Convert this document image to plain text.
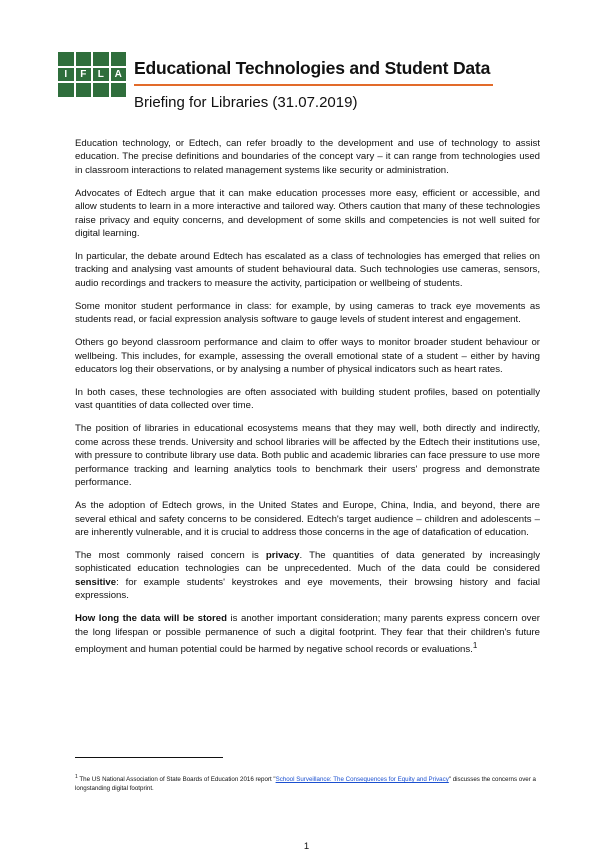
I	F	L	A Educational Technologies and Student Data
Briefing for Libraries (31.07.2019)

Education technology, or Edtech, can refer broadly to the development and use of technology to assist education. The precise definitions and boundaries of the concept vary – it can range from technologies used in classroom interactions to related management systems like security or administration.

Advocates of Edtech argue that it can make education processes more easy, efficient or accessible, and allow students to learn in a more interactive and tailored way. Others caution that many of these technologies raise privacy and equity concerns, and development of some skills and competencies is not well suited for digital learning.

In particular, the debate around Edtech has escalated as a class of technologies has emerged that relies on tracking and analysing vast amounts of student behavioural data. Such technologies use cameras, sensors, audio recordings and trackers to measure the activity, participation or wellbeing of students.

Some monitor student performance in class: for example, by using cameras to track eye movements as students read, or facial expression analysis software to gauge levels of student interest and engagement.

Others go beyond classroom performance and claim to offer ways to monitor broader student behaviour or wellbeing. This includes, for example, assessing the overall emotional state of a student – either by having educators log their observations, or by analysing a number of physical indicators such as heart rates.

In both cases, these technologies are often associated with building student profiles, based on potentially vast quantities of data collected over time.

The position of libraries in educational ecosystems means that they may well, both directly and indirectly, come across these trends. University and school libraries will be affected by the Edtech their institutions use, with pressure to contribute library use data. Both public and academic libraries can face pressure to use more performance tracking and learning analytics tools to benchmark their users' progress and demonstrate performance.

As the adoption of Edtech grows, in the United States and Europe, China, India, and beyond, there are several ethical and safety concerns to be considered. Edtech's target audience – children and adolescents – are inherently vulnerable, and it is crucial to address those concerns in the age of datafication of education.

The most commonly raised concern is privacy. The quantities of data generated by increasingly sophisticated education technologies can be unprecedented. Much of the data could be considered sensitive: for example students' keystrokes and eye movements, their browsing history and facial expressions.

How long the data will be stored is another important consideration; many parents express concern over the long lifespan or possible permanence of such a digital footprint. They fear that their children's future employment and human potential could be harmed by negative school records or evaluations.$^1$

$^1$ The US National Association of State Boards of Education 2016 report "School Surveillance: The Consequences for Equity and Privacy" discusses the concerns over a longstanding digital footprint.
1
